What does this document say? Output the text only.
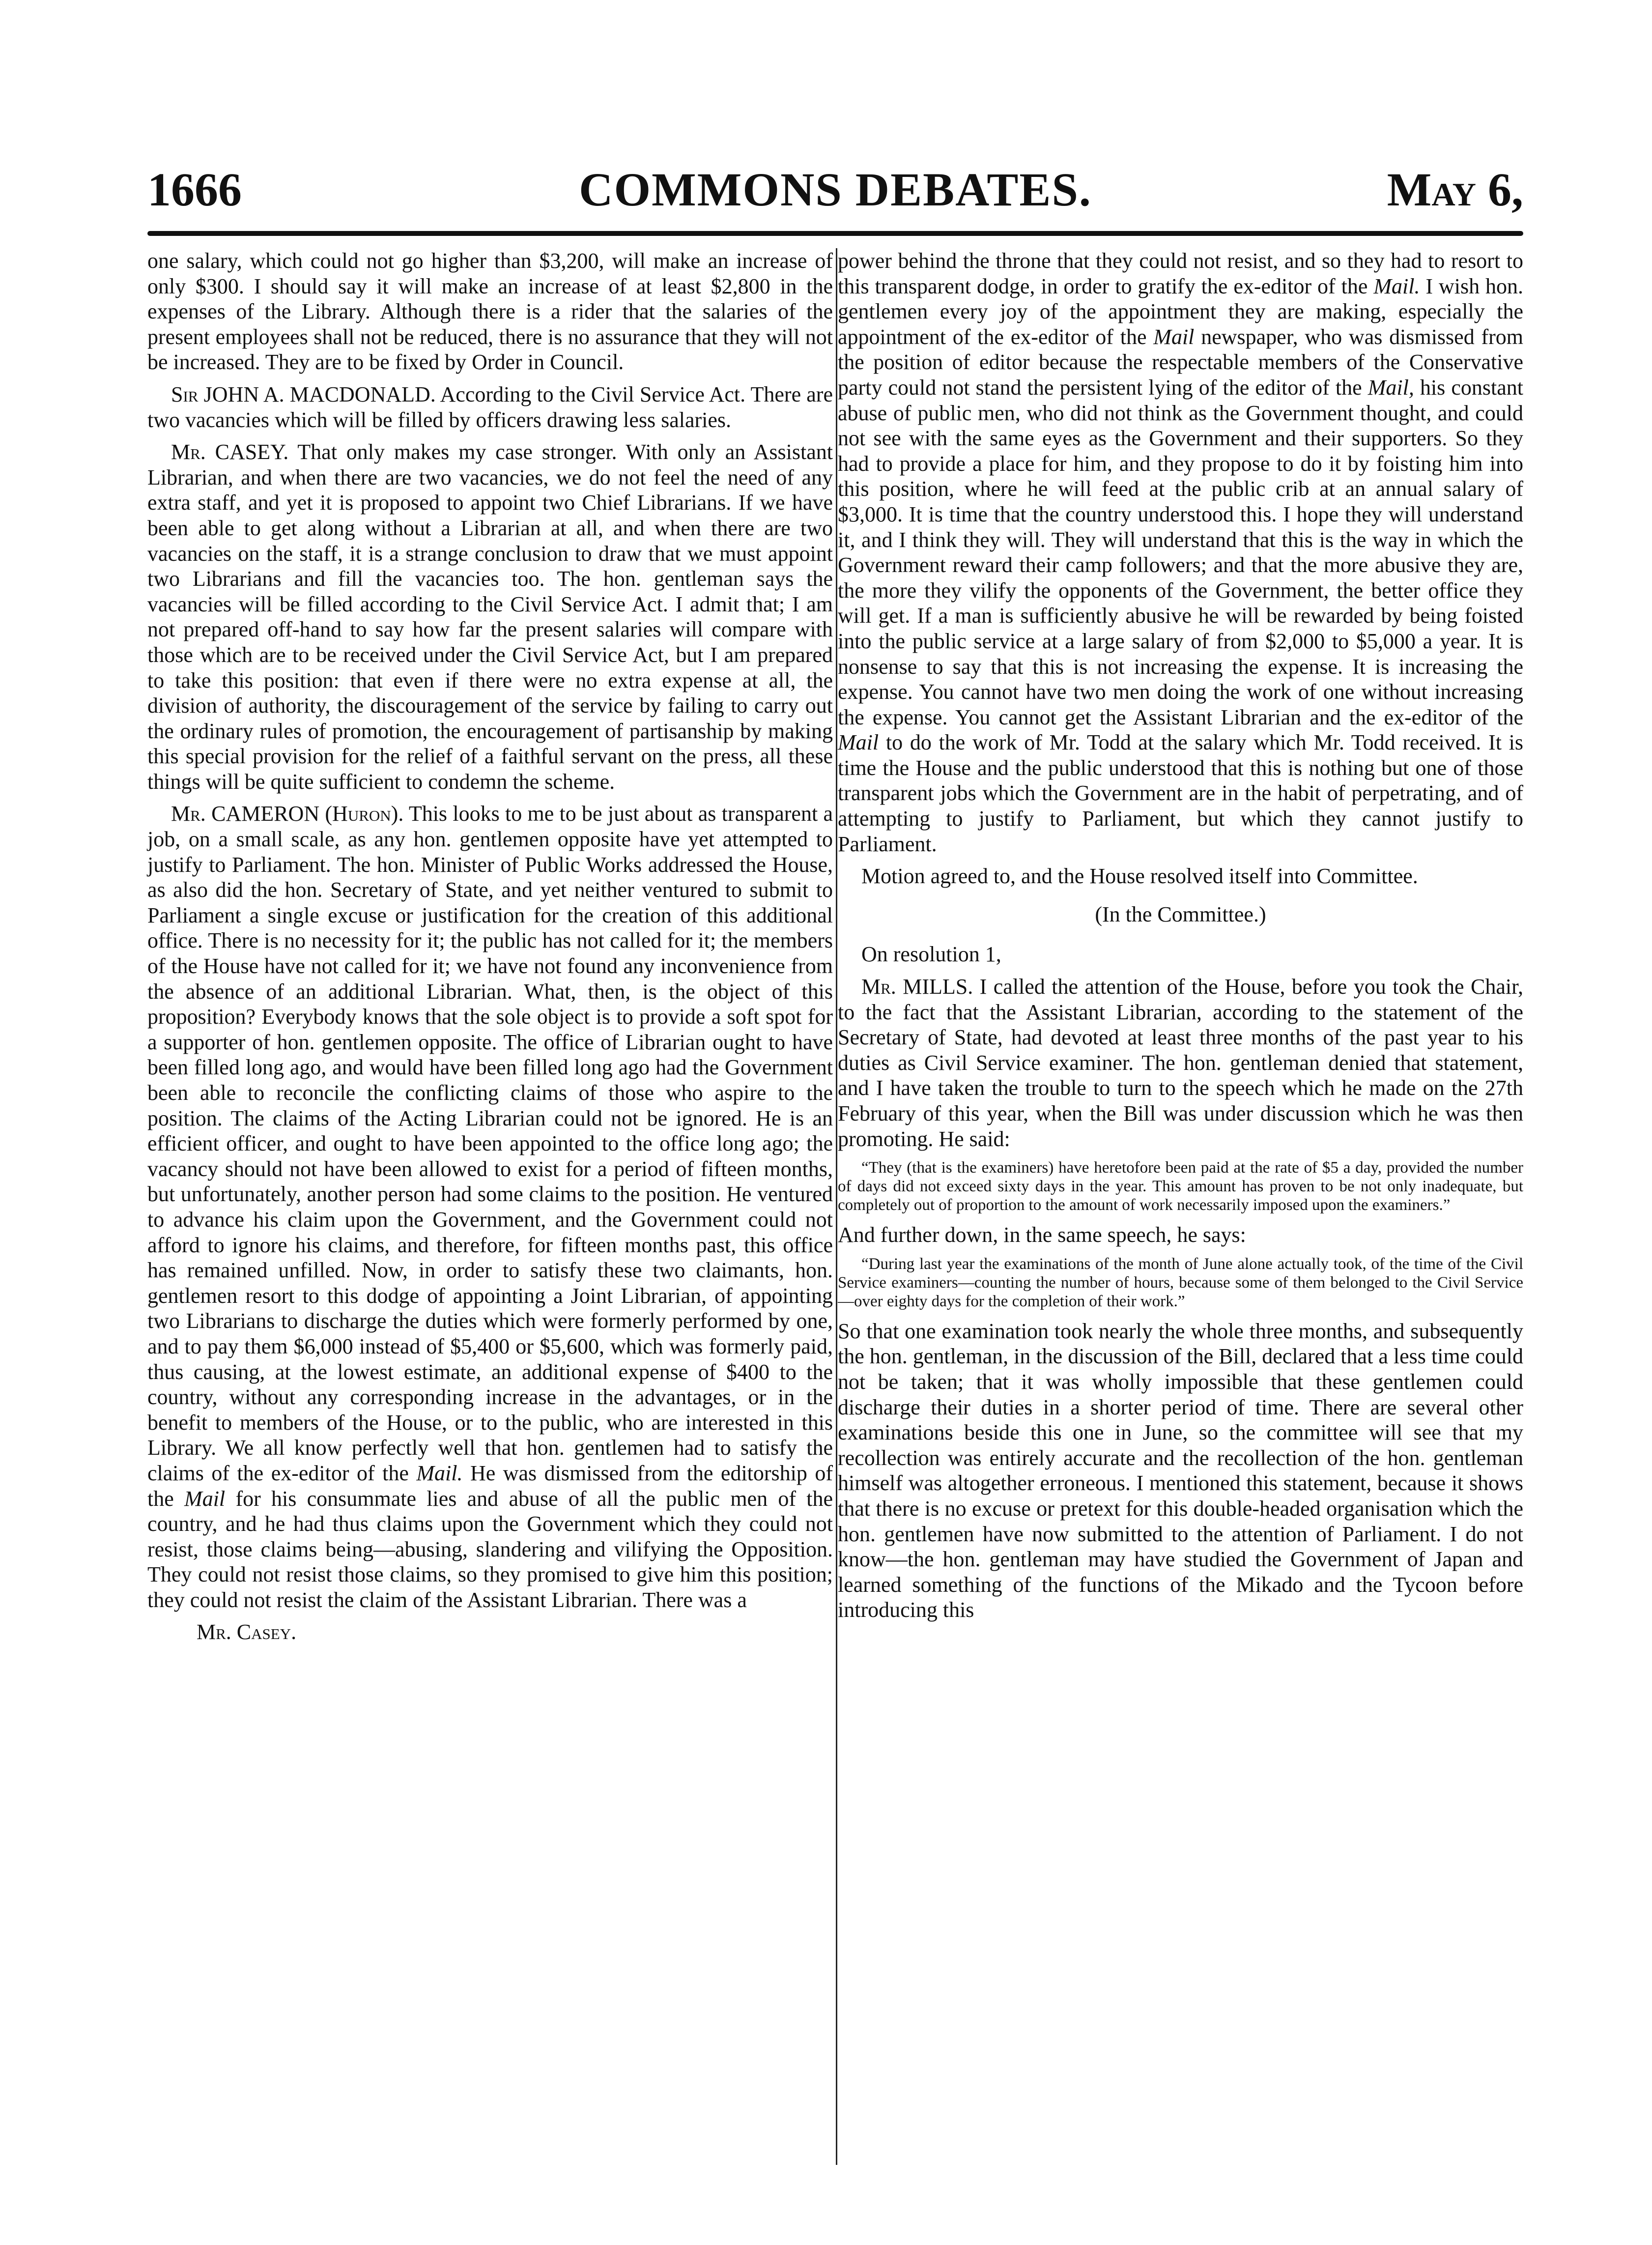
1666	COMMONS DEBATES.	May 6,

one salary, which could not go higher than $3,200, will make an increase of only $300. I should say it will make an increase of at least $2,800 in the expenses of the Library. Although there is a rider that the salaries of the present employees shall not be reduced, there is no assurance that they will not be increased. They are to be fixed by Order in Council.

Sir JOHN A. MACDONALD. According to the Civil Service Act. There are two vacancies which will be filled by officers drawing less salaries.

Mr. CASEY. That only makes my case stronger. With only an Assistant Librarian, and when there are two vacancies, we do not feel the need of any extra staff, and yet it is proposed to appoint two Chief Librarians. If we have been able to get along without a Librarian at all, and when there are two vacancies on the staff, it is a strange conclusion to draw that we must appoint two Librarians and fill the vacancies too. The hon. gentleman says the vacancies will be filled according to the Civil Service Act. I admit that; I am not prepared off-hand to say how far the present salaries will compare with those which are to be received under the Civil Service Act, but I am prepared to take this position: that even if there were no extra expense at all, the division of authority, the discouragement of the service by failing to carry out the ordinary rules of promotion, the encouragement of partisanship by making this special provision for the relief of a faithful servant on the press, all these things will be quite sufficient to condemn the scheme.

Mr. CAMERON (Huron). This looks to me to be just about as transparent a job, on a small scale, as any hon. gentlemen opposite have yet attempted to justify to Parliament. The hon. Minister of Public Works addressed the House, as also did the hon. Secretary of State, and yet neither ventured to submit to Parliament a single excuse or justification for the creation of this additional office. There is no necessity for it; the public has not called for it; the members of the House have not called for it; we have not found any inconvenience from the absence of an additional Librarian. What, then, is the object of this proposition? Everybody knows that the sole object is to provide a soft spot for a supporter of hon. gentlemen opposite. The office of Librarian ought to have been filled long ago, and would have been filled long ago had the Government been able to reconcile the conflicting claims of those who aspire to the position. The claims of the Acting Librarian could not be ignored. He is an efficient officer, and ought to have been appointed to the office long ago; the vacancy should not have been allowed to exist for a period of fifteen months, but unfortunately, another person had some claims to the position. He ventured to advance his claim upon the Government, and the Government could not afford to ignore his claims, and therefore, for fifteen months past, this office has remained unfilled. Now, in order to satisfy these two claimants, hon. gentlemen resort to this dodge of appointing a Joint Librarian, of appointing two Librarians to discharge the duties which were formerly performed by one, and to pay them $6,000 instead of $5,400 or $5,600, which was formerly paid, thus causing, at the lowest estimate, an additional expense of $400 to the country, without any corresponding increase in the advantages, or in the benefit to members of the House, or to the public, who are interested in this Library. We all know perfectly well that hon. gentlemen had to satisfy the claims of the ex-editor of the Mail. He was dismissed from the editorship of the Mail for his consummate lies and abuse of all the public men of the country, and he had thus claims upon the Government which they could not resist, those claims being—abusing, slandering and vilifying the Opposition. They could not resist those claims, so they promised to give him this position; they could not resist the claim of the Assistant Librarian. There was a

Mr. Casey.

power behind the throne that they could not resist, and so they had to resort to this transparent dodge, in order to gratify the ex-editor of the Mail. I wish hon. gentlemen every joy of the appointment they are making, especially the appointment of the ex-editor of the Mail newspaper, who was dismissed from the position of editor because the respectable members of the Conservative party could not stand the persistent lying of the editor of the Mail, his constant abuse of public men, who did not think as the Government thought, and could not see with the same eyes as the Government and their supporters. So they had to provide a place for him, and they propose to do it by foisting him into this position, where he will feed at the public crib at an annual salary of $3,000. It is time that the country understood this. I hope they will understand it, and I think they will. They will understand that this is the way in which the Government reward their camp followers; and that the more abusive they are, the more they vilify the opponents of the Government, the better office they will get. If a man is sufficiently abusive he will be rewarded by being foisted into the public service at a large salary of from $2,000 to $5,000 a year. It is nonsense to say that this is not increasing the expense. It is increasing the expense. You cannot have two men doing the work of one without increasing the expense. You cannot get the Assistant Librarian and the ex-editor of the Mail to do the work of Mr. Todd at the salary which Mr. Todd received. It is time the House and the public understood that this is nothing but one of those transparent jobs which the Government are in the habit of perpetrating, and of attempting to justify to Parliament, but which they cannot justify to Parliament.

Motion agreed to, and the House resolved itself into Committee.

(In the Committee.)

On resolution 1,

Mr. MILLS. I called the attention of the House, before you took the Chair, to the fact that the Assistant Librarian, according to the statement of the Secretary of State, had devoted at least three months of the past year to his duties as Civil Service examiner. The hon. gentleman denied that statement, and I have taken the trouble to turn to the speech which he made on the 27th February of this year, when the Bill was under discussion which he was then promoting. He said:

“They (that is the examiners) have heretofore been paid at the rate of $5 a day, provided the number of days did not exceed sixty days in the year. This amount has proven to be not only inadequate, but completely out of proportion to the amount of work necessarily imposed upon the examiners.”

And further down, in the same speech, he says:

“During last year the examinations of the month of June alone actually took, of the time of the Civil Service examiners—counting the number of hours, because some of them belonged to the Civil Service—over eighty days for the completion of their work.”

So that one examination took nearly the whole three months, and subsequently the hon. gentleman, in the discussion of the Bill, declared that a less time could not be taken; that it was wholly impossible that these gentlemen could discharge their duties in a shorter period of time. There are several other examinations beside this one in June, so the committee will see that my recollection was entirely accurate and the recollection of the hon. gentleman himself was altogether erroneous. I mentioned this statement, because it shows that there is no excuse or pretext for this double-headed organisation which the hon. gentlemen have now submitted to the attention of Parliament. I do not know—the hon. gentleman may have studied the Government of Japan and learned something of the functions of the Mikado and the Tycoon before introducing this
